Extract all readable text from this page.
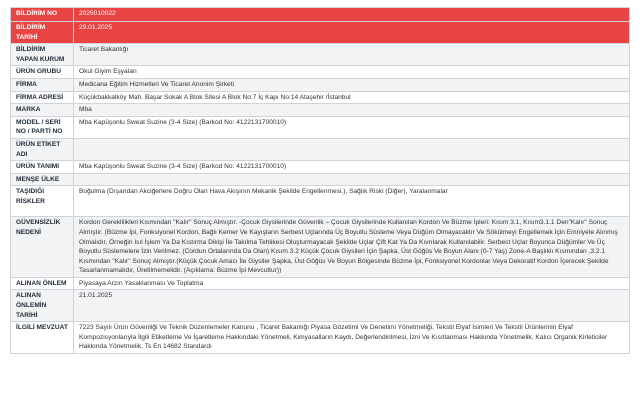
BİLDİRİM NO	2025010022
BİLDİRİM TARİHİ	29.01.2025
BİLDİRİM YAPAN KURUM	Ticaret Bakanlığı
ÜRÜN GRUBU	Okul Giyim Eşyaları
FİRMA	Medicana Eğitim Hizmetleri Ve Ticaret Anonim Şirketi
FİRMA ADRESİ	Küçükbakkalköy Mah. Başar Sokak A Blok Sitesi A Blok No:7 İç Kapı No:14 Ataşehir /İstanbul
MARKA	Mba
MODEL / SERİ NO / PARTİ NO	Mba Kapüşonlu Sweat Suzine (3-4 Size) (Barkod No: 4122131700010)
ÜRÜN ETİKET ADI	
ÜRÜN TANIMI	Mba Kapüşonlu Sweat Suzine (3-4 Size) (Barkod No: 4122131700010)
MENŞE ÜLKE	
TAŞIDIĞI RİSKLER	Boğulma (Dışarıdan Akciğerlere Doğru Olan Hava Akışının Mekanik Şekilde Engellenmesi.), Sağlık Riski (Diğer), Yaralanmalar
GÜVENSİZLİK NEDENİ	Kordon Gereklilikleri Kısmından "Kalır" Sonuç Almıştır. -Çocuk Giysilerinde Güvenlik – Çocuk Giysilerinde Kullanılan Kordon Ve Büzme İpleri: Kısım 3.1, Kısım3.1.1 Den"Kalır" Sonuç Almıştır. (Büzme İpi, Fonksiyonel Kordon, Bağlı Kemer Ve Kayışların Serbest Uçlarında Üç Boyutlu Süsleme Veya Düğüm Olmayacaktır Ve Sökülmeyi Engellemek İçin Emniyete Alınmış Olmalıdır, Örneğin Isıl İşlem Ya Da Kıstırma Dikişi İle Takılma Tehlikesi Oluşturmayacak Şekilde Uçlar Çift Kat Ya Da Kıvrılarak Kullanılabilir. Serbest Uçlar Boyunca Düğümler Ve Üç Boyutlu Süslemelere İzin Verilmez. (Cordun Ortalarında Da Olan) Kısım 3.2 Küçük Çocuk Giysileri İçin Şapka, Üst Göğüs Ve Boyun Alanı (0-7 Yaş) Zone-A Başlıklı Kısmından ,3.2.1 Kısmından "Kalır" Sonuç Almıştır.(Küçük Çocuk Amacı İle Giysiler Şapka, Üst Göğüs Ve Boyun Bölgesinde Büzme İpi, Fonksiyonel Kordonlar Veya Dekoratif Kordon İçerecek Şekilde Tasarlanmamalıdır, Üretilmemelidir. (Açıklama: Büzme İpi Mevcuttur))
ALINAN ÖNLEM	Piyasaya Arzın Yasaklanması Ve Toplatma
ALINAN ÖNLEMİN TARİHİ	21.01.2025
İLGİLİ MEVZUAT	7223 Sayılı Ürün Güvenliği Ve Teknik Düzenlemeler Kanunu , Ticaret Bakanlığı Piyasa Gözetimi Ve Denetimi Yönetmeliği, Tekstil Elyaf İsimleri Ve Tekstil Ürünlerinin Elyaf Kompozisyonlarıyla İlgili Etiketleme Ve İşaretleme Hakkındaki Yönetmeli, Kimyasalların Kaydı, Değerlendirilmesi, İzni Ve Kısıtlanması Hakkında Yönetmelik, Kalıcı Organik Kirleticiler Hakkında Yönetmelik, Ts En 14682 Standardı
